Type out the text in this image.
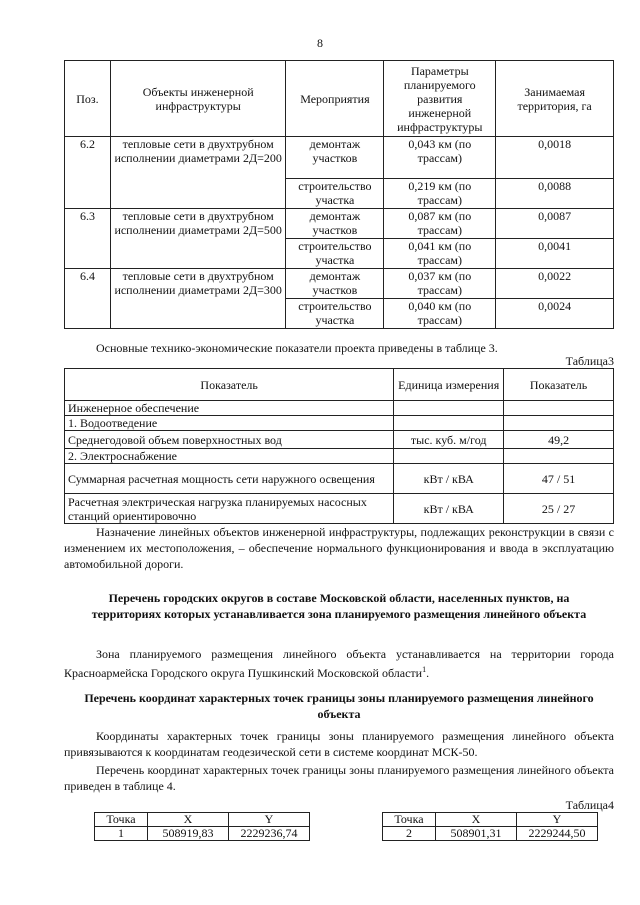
8
Поз.	Объекты инженерной инфраструктуры	Мероприятия	Параметры планируемого развития инженерной инфраструктуры	Занимаемая территория, га
6.2	тепловые сети в двухтрубном исполнении диаметрами 2Д=200	демонтаж участков	0,043 км (по трассам)	0,0018
		строительство участка	0,219 км (по трассам)	0,0088
6.3	тепловые сети в двухтрубном исполнении диаметрами 2Д=500	демонтаж участков	0,087 км (по трассам)	0,0087
		строительство участка	0,041 км (по трассам)	0,0041
6.4	тепловые сети в двухтрубном исполнении диаметрами 2Д=300	демонтаж участков	0,037 км (по трассам)	0,0022
		строительство участка	0,040 км (по трассам)	0,0024
Основные технико-экономические показатели проекта приведены в таблице 3.
Таблица3
Показатель	Единица измерения	Показатель
Инженерное обеспечение		
1. Водоотведение		
Среднегодовой объем поверхностных вод	тыс. куб. м/год	49,2
2. Электроснабжение		
Суммарная расчетная мощность сети наружного освещения	кВт / кВА	47 / 51
Расчетная электрическая нагрузка планируемых насосных станций ориентировочно	кВт / кВА	25 / 27
Назначение линейных объектов инженерной инфраструктуры, подлежащих реконструкции в связи с изменением их местоположения, – обеспечение нормального функционирования и ввода в эксплуатацию автомобильной дороги.
Перечень городских округов в составе Московской области, населенных пунктов, на территориях которых устанавливается зона планируемого размещения линейного объекта
Зона планируемого размещения линейного объекта устанавливается на территории города Красноармейска Городского округа Пушкинский Московской области$^1$.
Перечень координат характерных точек границы зоны планируемого размещения линейного объекта
Координаты характерных точек границы зоны планируемого размещения линейного объекта привязываются к координатам геодезической сети в системе координат МСК-50.
Перечень координат характерных точек границы зоны планируемого размещения линейного объекта приведен в таблице 4.
Таблица4
Точка	X	Y
1	508919,83	2229236,74
Точка	X	Y
2	508901,31	2229244,50
